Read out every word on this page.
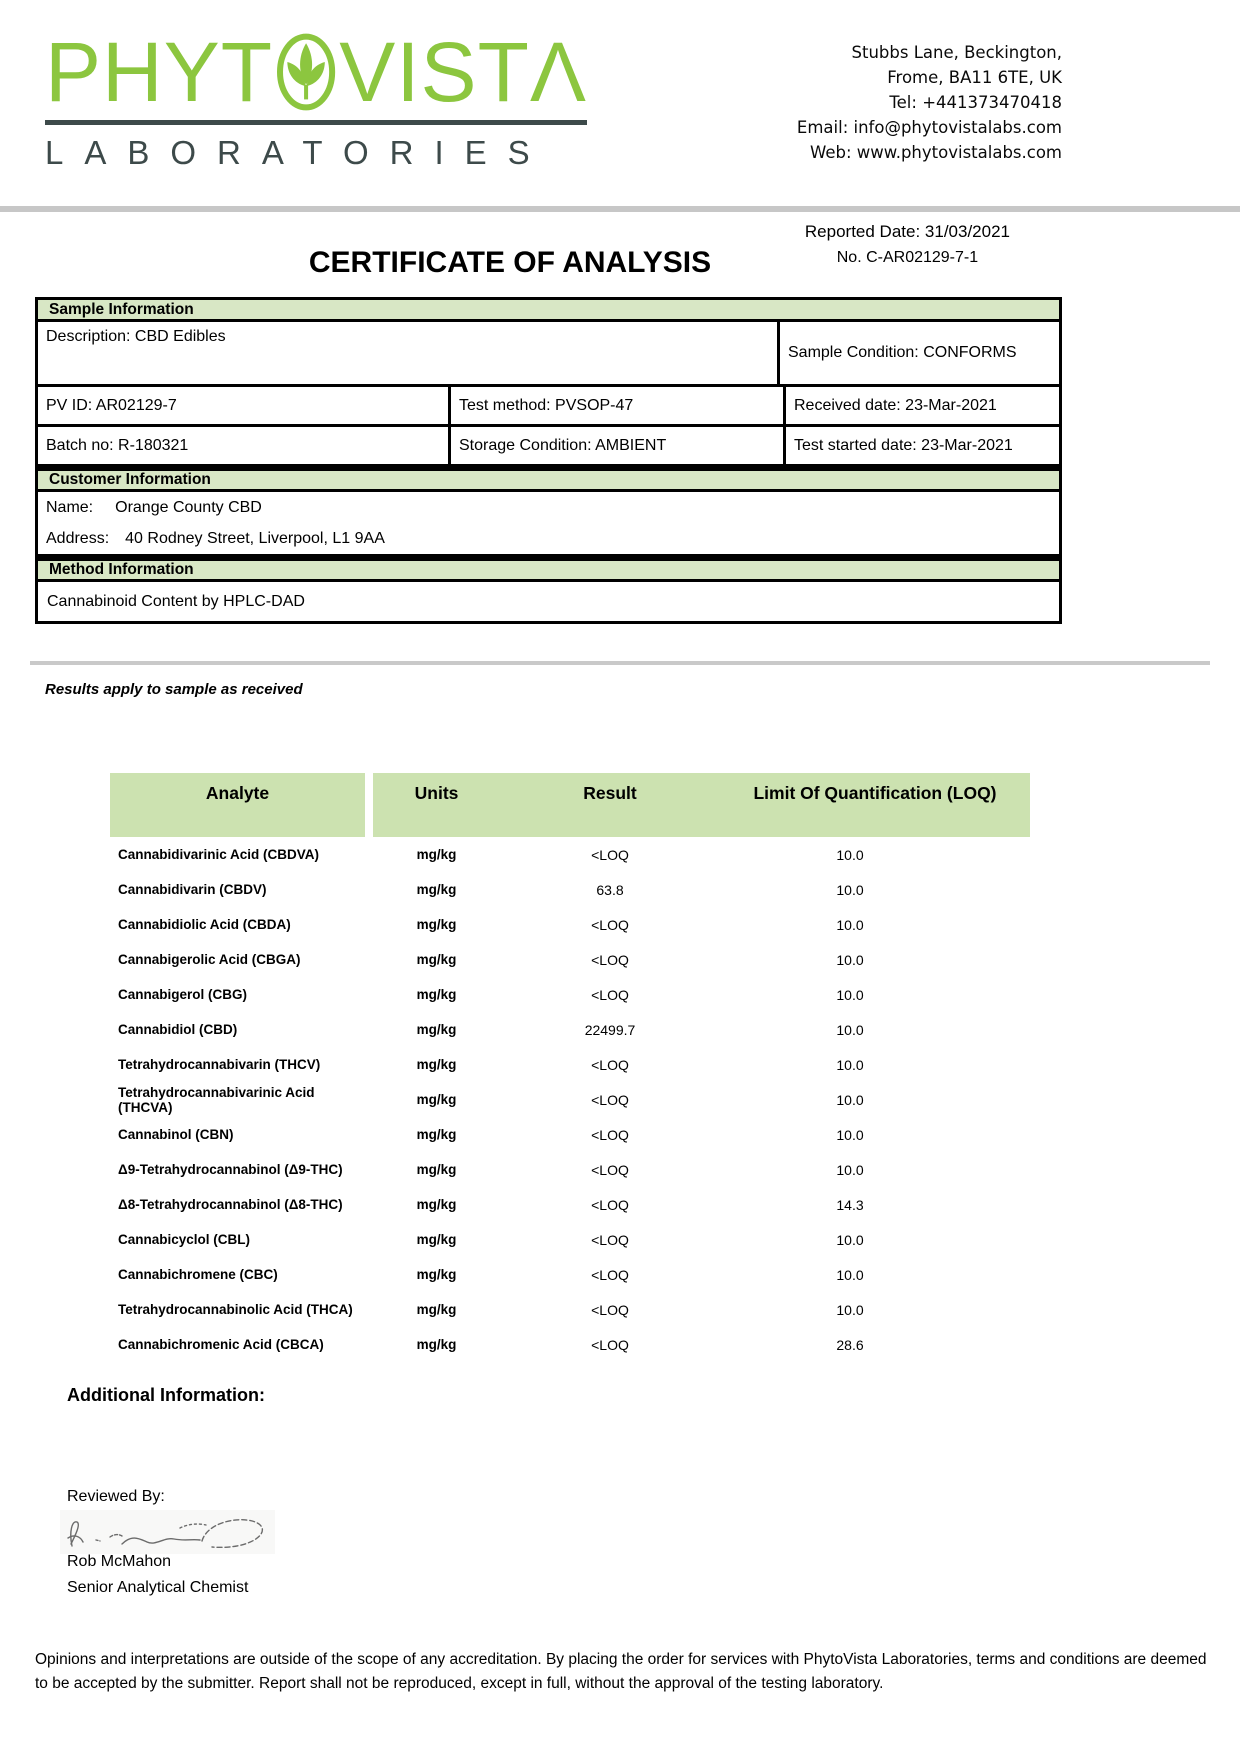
PHYT VISTΛ
LABORATORIES
Stubbs Lane, Beckington,
Frome, BA11 6TE, UK
Tel: +441373470418
Email: info@phytovistalabs.com
Web: www.phytovistalabs.com
Reported Date: 31/03/2021
No. C-AR02129-7-1
CERTIFICATE OF ANALYSIS
Sample Information
Description: CBD Edibles
Sample Condition: CONFORMS
PV ID: AR02129-7	Test method: PVSOP-47	Received date: 23-Mar-2021
Batch no: R-180321	Storage Condition: AMBIENT	Test started date: 23-Mar-2021
Customer Information
Name: Orange County CBD
Address: 40 Rodney Street, Liverpool, L1 9AA
Method Information
Cannabinoid Content by HPLC-DAD
Results apply to sample as received
Analyte	Units	Result	Limit Of Quantification (LOQ)
Cannabidivarinic Acid (CBDVA)	mg/kg	<LOQ	10.0
Cannabidivarin (CBDV)	mg/kg	63.8	10.0
Cannabidiolic Acid (CBDA)	mg/kg	<LOQ	10.0
Cannabigerolic Acid (CBGA)	mg/kg	<LOQ	10.0
Cannabigerol (CBG)	mg/kg	<LOQ	10.0
Cannabidiol (CBD)	mg/kg	22499.7	10.0
Tetrahydrocannabivarin (THCV)	mg/kg	<LOQ	10.0
Tetrahydrocannabivarinic Acid (THCVA)	mg/kg	<LOQ	10.0
Cannabinol (CBN)	mg/kg	<LOQ	10.0
Δ9-Tetrahydrocannabinol (Δ9-THC)	mg/kg	<LOQ	10.0
Δ8-Tetrahydrocannabinol (Δ8-THC)	mg/kg	<LOQ	14.3
Cannabicyclol (CBL)	mg/kg	<LOQ	10.0
Cannabichromene (CBC)	mg/kg	<LOQ	10.0
Tetrahydrocannabinolic Acid (THCA)	mg/kg	<LOQ	10.0
Cannabichromenic Acid (CBCA)	mg/kg	<LOQ	28.6
Additional Information:
Reviewed By:
Rob McMahon
Senior Analytical Chemist
Opinions and interpretations are outside of the scope of any accreditation. By placing the order for services with PhytoVista Laboratories, terms and conditions are deemed to be accepted by the submitter. Report shall not be reproduced, except in full, without the approval of the testing laboratory.
